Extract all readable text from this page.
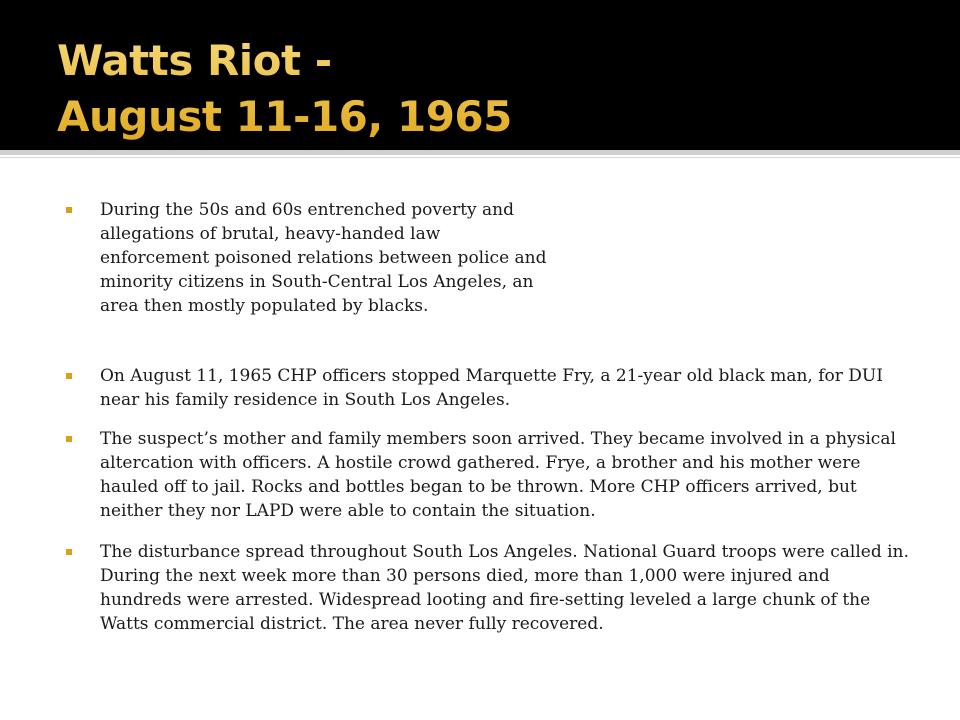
Watts Riot -
August 11-16, 1965
During the 50s and 60s entrenched poverty and allegations of brutal, heavy-handed law enforcement poisoned relations between police and minority citizens in South-Central Los Angeles, an area then mostly populated by blacks.
On August 11, 1965 CHP officers stopped Marquette Fry, a 21-year old black man, for DUI near his family residence in South Los Angeles.
The suspect’s mother and family members soon arrived. They became involved in a physical altercation with officers. A hostile crowd gathered. Frye, a brother and his mother were hauled off to jail. Rocks and bottles began to be thrown. More CHP officers arrived, but neither they nor LAPD were able to contain the situation.
The disturbance spread throughout South Los Angeles. National Guard troops were called in. During the next week more than 30 persons died, more than 1,000 were injured and hundreds were arrested. Widespread looting and fire-setting leveled a large chunk of the Watts commercial district. The area never fully recovered.
